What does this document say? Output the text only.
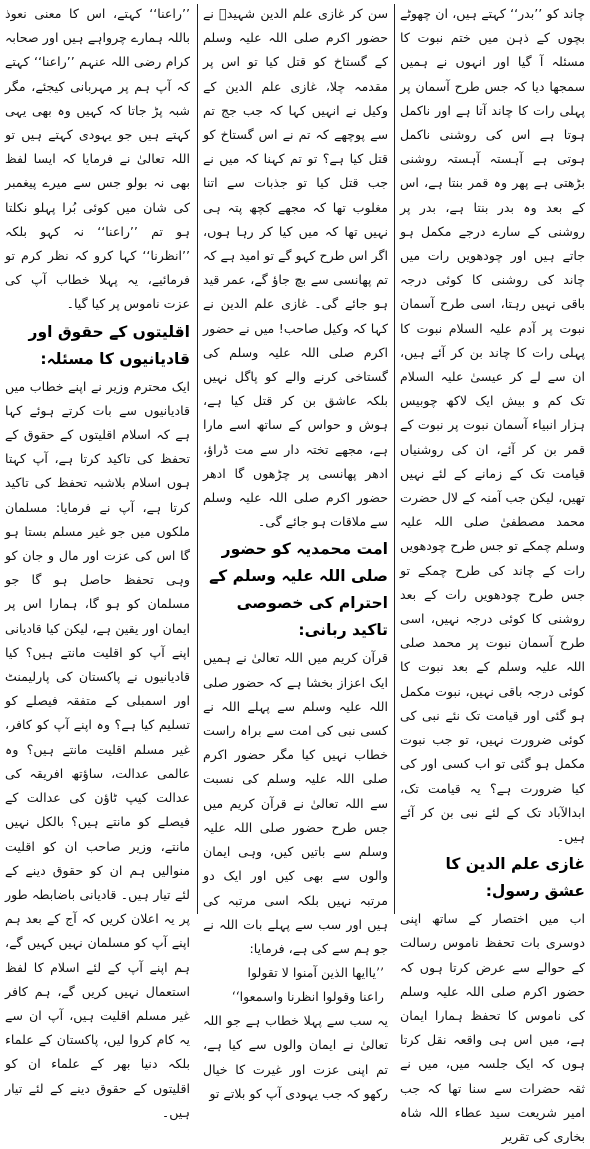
چاند کو ’’بدر‘‘ کہتے ہیں، ان چھوٹے بچوں کے ذہن میں ختم نبوت کا مسئلہ آ گیا اور انہوں نے ہمیں سمجھا دیا کہ جس طرح آسمان پر پہلی رات کا چاند آتا ہے اور ناکمل ہوتا ہے اس کی روشنی ناکمل ہوتی ہے آہستہ آہستہ روشنی بڑھتی ہے پھر وہ قمر بنتا ہے، اس کے بعد وہ بدر بنتا ہے، بدر پر روشنی کے سارے درجے مکمل ہو جاتے ہیں اور چودھویں رات میں چاند کی روشنی کا کوئی درجہ باقی نہیں رہتا، اسی طرح آسمان نبوت پر آدم علیہ السلام نبوت کا پہلی رات کا چاند بن کر آئے ہیں، ان سے لے کر عیسیٰ علیہ السلام تک کم و بیش ایک لاکھ چوبیس ہزار انبیاء آسمان نبوت پر نبوت کے قمر بن کر آئے، ان کی روشنیاں قیامت تک کے زمانے کے لئے نہیں تھیں، لیکن جب آمنہ کے لال حضرت محمد مصطفیٰ صلی اللہ علیہ وسلم چمکے تو جس طرح چودھویں رات کے چاند کی طرح چمکے تو جس طرح چودھویں رات کے بعد روشنی کا کوئی درجہ نہیں، اسی طرح آسمان نبوت پر محمد صلی اللہ علیہ وسلم کے بعد نبوت کا کوئی درجہ باقی نہیں، نبوت مکمل ہو گئی اور قیامت تک نئے نبی کی کوئی ضرورت نہیں، تو جب نبوت مکمل ہو گئی تو اب کسی اور کی کیا ضرورت ہے؟ یہ قیامت تک، ابدالآباد تک کے لئے نبی بن کر آئے ہیں۔

غازی علم الدین کا عشق رسول:

اب میں اختصار کے ساتھ اپنی دوسری بات تحفظ ناموس رسالت کے حوالے سے عرض کرتا ہوں کہ حضور اکرم صلی اللہ علیہ وسلم کی ناموس کا تحفظ ہمارا ایمان ہے، میں اس ہی واقعہ نقل کرتا ہوں کہ ایک جلسہ میں، میں نے ثقہ حضرات سے سنا تھا کہ جب امیر شریعت سید عطاء اللہ شاہ بخاری کی تقریر

سن کر غازی علم الدین شہیدؒ نے حضور اکرم صلی اللہ علیہ وسلم کے گستاخ کو قتل کیا تو اس پر مقدمہ چلا، غازی علم الدین کے وکیل نے انہیں کہا کہ جب جج تم سے پوچھے کہ تم نے اس گستاخ کو قتل کیا ہے؟ تو تم کہنا کہ میں نے جب قتل کیا تو جذبات سے اتنا مغلوب تھا کہ مجھے کچھ پتہ ہی نہیں تھا کہ میں کیا کر رہا ہوں، اگر اس طرح کہو گے تو امید ہے کہ تم پھانسی سے بچ جاؤ گے، عمر قید ہو جائے گی۔ غازی علم الدین نے کہا کہ وکیل صاحب! میں نے حضور اکرم صلی اللہ علیہ وسلم کی گستاخی کرنے والے کو پاگل نہیں بلکہ عاشق بن کر قتل کیا ہے، ہوش و حواس کے ساتھ اسے مارا ہے، مجھے تختہ دار سے مت ڈراؤ، ادھر پھانسی پر چڑھوں گا ادھر حضور اکرم صلی اللہ علیہ وسلم سے ملاقات ہو جائے گی۔

امت محمدیہ کو حضور صلی اللہ علیہ وسلم کے احترام کی خصوصی تاکید ربانی:

قرآن کریم میں اللہ تعالیٰ نے ہمیں ایک اعزاز بخشا ہے کہ حضور صلی اللہ علیہ وسلم سے پہلے اللہ نے کسی نبی کی امت سے براہ راست خطاب نہیں کیا مگر حضور اکرم صلی اللہ علیہ وسلم کی نسبت سے اللہ تعالیٰ نے قرآن کریم میں جس طرح حضور صلی اللہ علیہ وسلم سے باتیں کیں، وہی ایمان والوں سے بھی کیں اور ایک دو مرتبہ نہیں بلکہ اسی مرتبہ کی ہیں اور سب سے پہلے بات اللہ نے جو ہم سے کی ہے، فرمایا:

’’یاایھا الذین آمنوا لا تقولوا

راعنا وقولوا انظرنا واسمعوا‘‘

یہ سب سے پہلا خطاب ہے جو اللہ تعالیٰ نے ایمان والوں سے کیا ہے، تم اپنی عزت اور غیرت کا خیال رکھو کہ جب یہودی آپ کو بلاتے تو

’’راعنا‘‘ کہتے، اس کا معنی نعوذ باللہ ہمارے چرواہے ہیں اور صحابہ کرام رضی اللہ عنہم ’’راعنا‘‘ کہتے کہ آپ ہم پر مہربانی کیجئے، مگر شبہ پڑ جاتا کہ کہیں وہ بھی یہی کہتے ہیں جو یہودی کہتے ہیں تو اللہ تعالیٰ نے فرمایا کہ ایسا لفظ بھی نہ بولو جس سے میرے پیغمبر کی شان میں کوئی بُرا پہلو نکلتا ہو تم ’’راعنا‘‘ نہ کہو بلکہ ’’انظرنا‘‘ کہا کرو کہ نظر کرم تو فرمائیے، یہ پہلا خطاب آپ کی عزت ناموس پر کیا گیا۔

اقلیتوں کے حقوق اور قادیانیوں کا مسئلہ:

ایک محترم وزیر نے اپنے خطاب میں قادیانیوں سے بات کرتے ہوئے کہا ہے کہ اسلام اقلیتوں کے حقوق کے تحفظ کی تاکید کرتا ہے، آپ کہتا ہوں اسلام بلاشبہ تحفظ کی تاکید کرتا ہے، آپ نے فرمایا: مسلمان ملکوں میں جو غیر مسلم بستا ہو گا اس کی عزت اور مال و جان کو وہی تحفظ حاصل ہو گا جو مسلمان کو ہو گا، ہمارا اس پر ایمان اور یقین ہے، لیکن کیا قادیانی اپنے آپ کو اقلیت مانتے ہیں؟ کیا قادیانیوں نے پاکستان کی پارلیمنٹ اور اسمبلی کے متفقہ فیصلے کو تسلیم کیا ہے؟ وہ اپنے آپ کو کافر، غیر مسلم اقلیت مانتے ہیں؟ وہ عالمی عدالت، ساؤتھ افریقہ کی عدالت کیپ ٹاؤن کی عدالت کے فیصلے کو مانتے ہیں؟ بالکل نہیں مانتے، وزیر صاحب ان کو اقلیت منوالیں ہم ان کو حقوق دینے کے لئے تیار ہیں۔ قادیانی باضابطہ طور پر یہ اعلان کریں کہ آج کے بعد ہم اپنے آپ کو مسلمان نہیں کہیں گے، ہم اپنے آپ کے لئے اسلام کا لفظ استعمال نہیں کریں گے، ہم کافر غیر مسلم اقلیت ہیں، آپ ان سے یہ کام کروا لیں، پاکستان کے علماء بلکہ دنیا بھر کے علماء ان کو اقلیتوں کے حقوق دینے کے لئے تیار ہیں۔
